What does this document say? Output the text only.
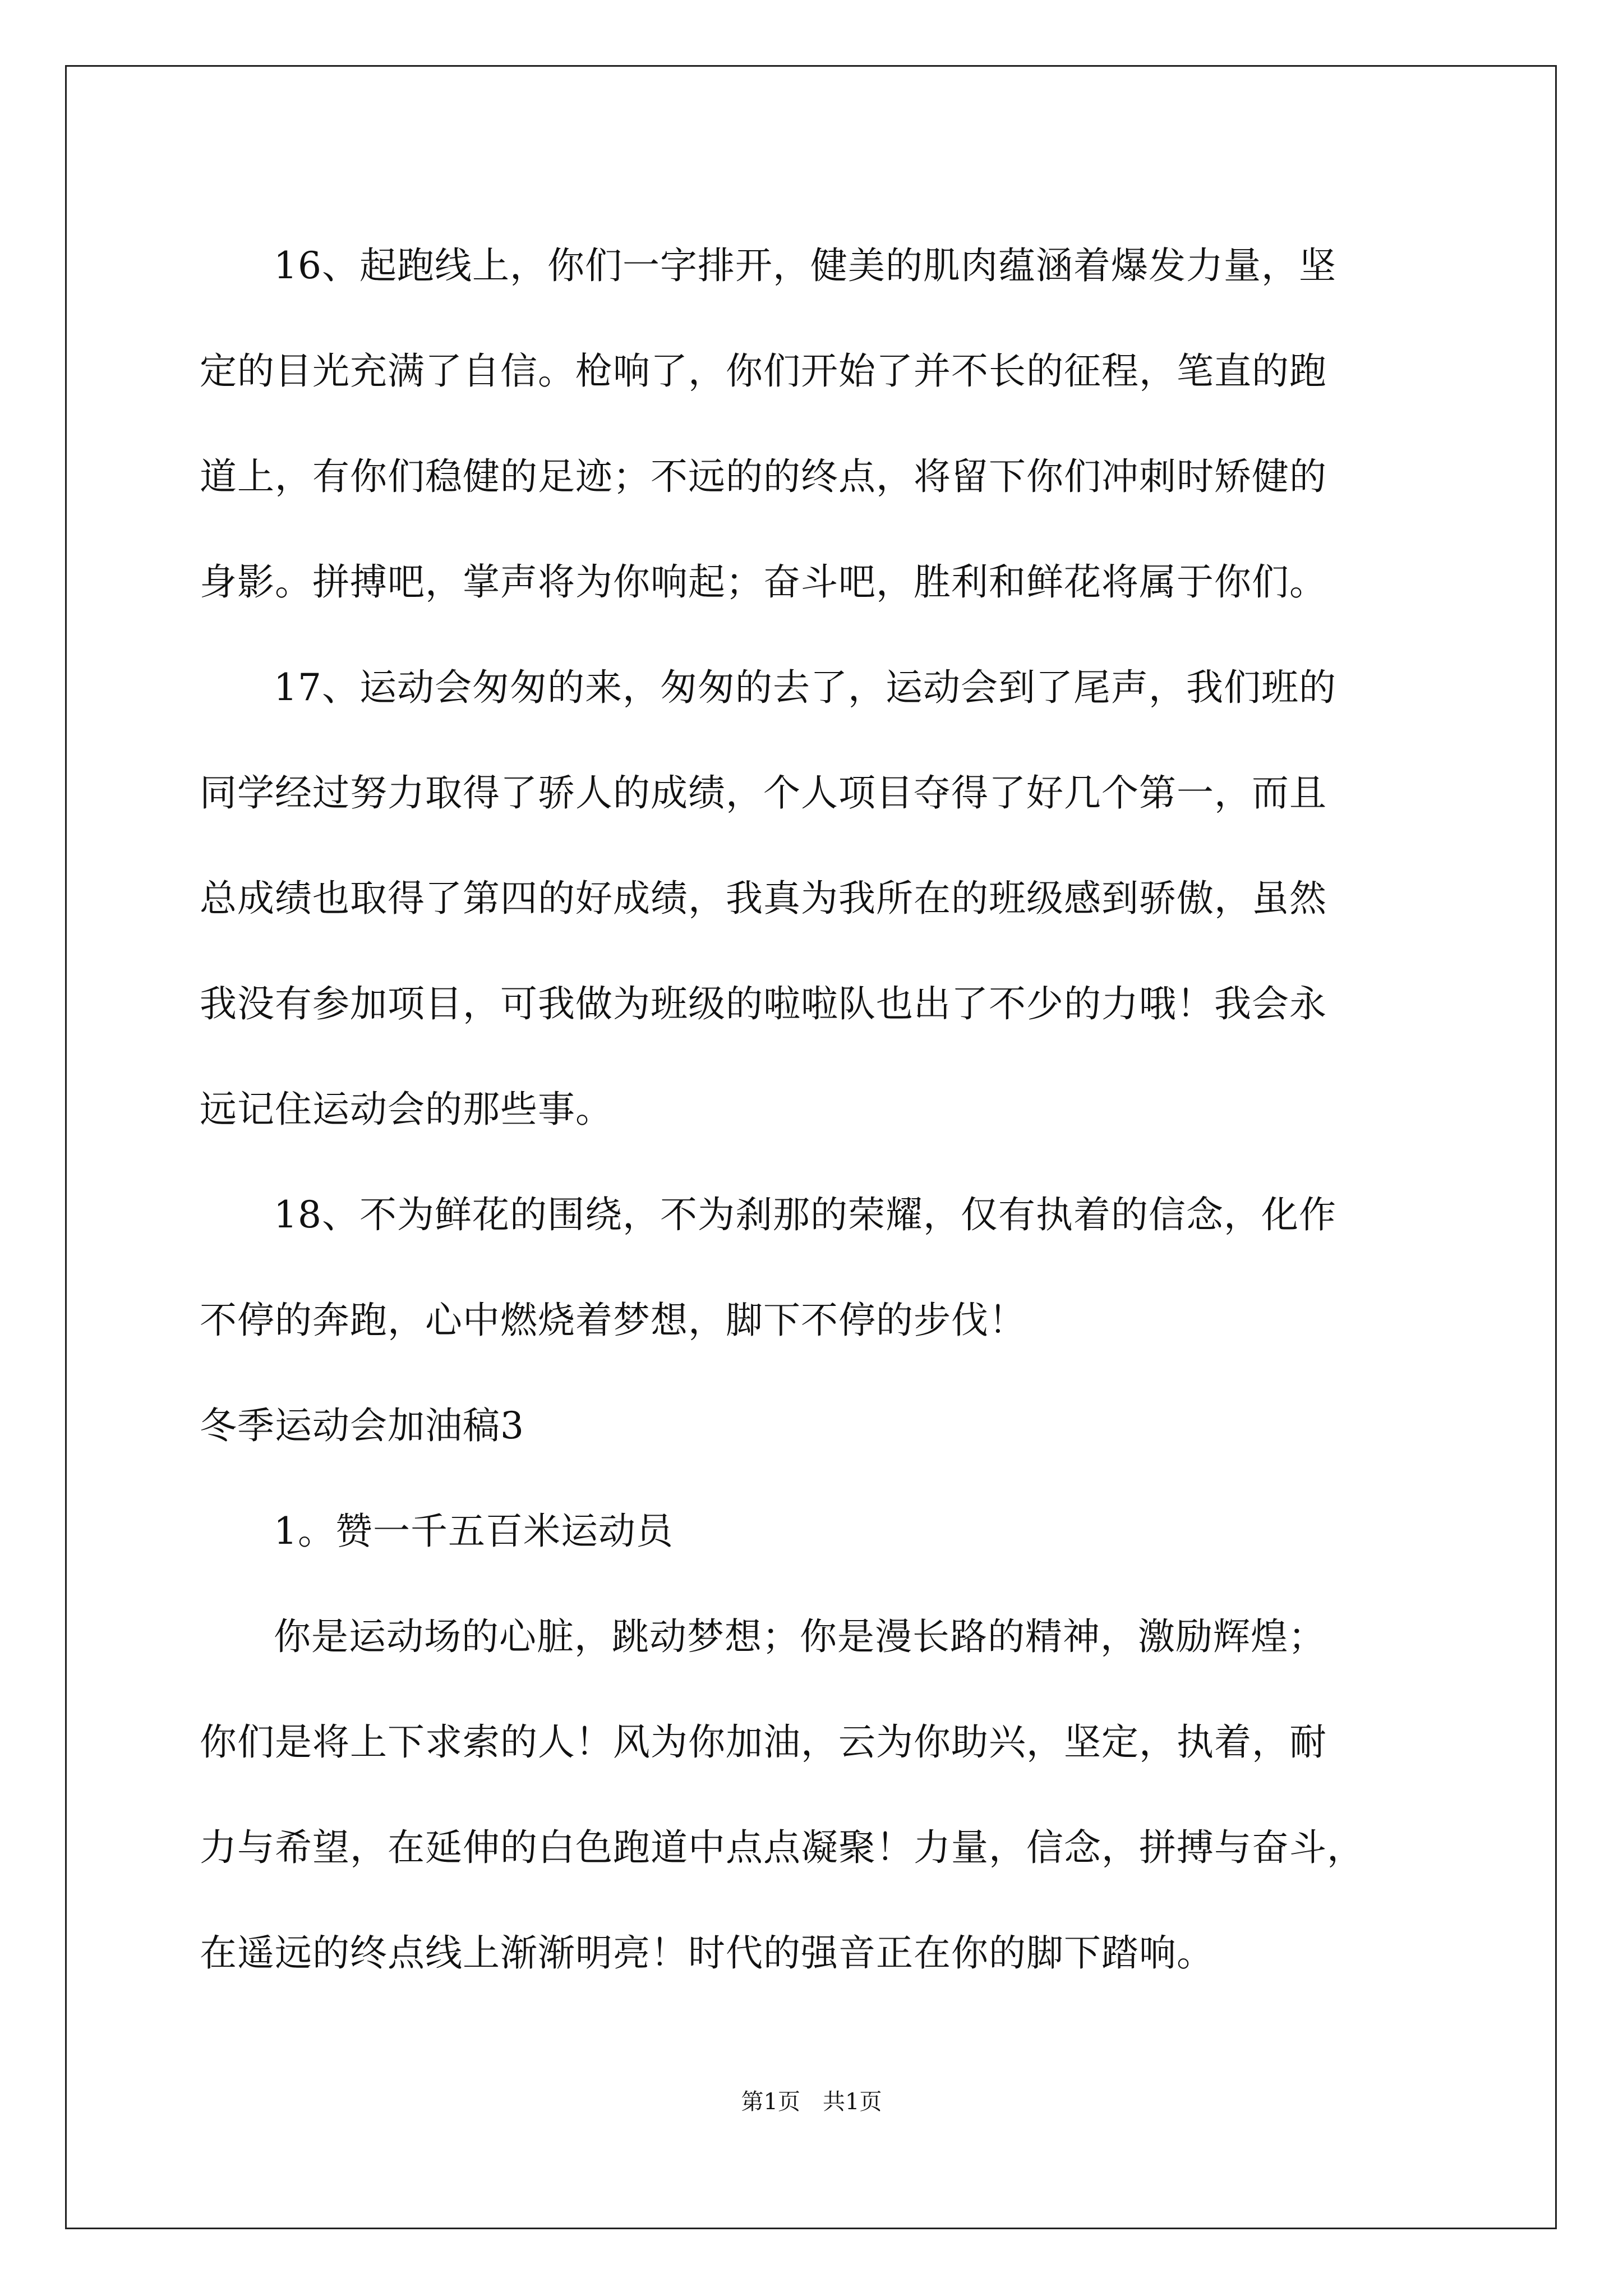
16、起跑线上，你们一字排开，健美的肌肉蕴涵着爆发力量，坚
定的目光充满了自信。枪响了，你们开始了并不长的征程，笔直的跑
道上，有你们稳健的足迹；不远的的终点，将留下你们冲刺时矫健的
身影。拼搏吧，掌声将为你响起；奋斗吧，胜利和鲜花将属于你们。
17、运动会匆匆的来，匆匆的去了，运动会到了尾声，我们班的
同学经过努力取得了骄人的成绩，个人项目夺得了好几个第一，而且
总成绩也取得了第四的好成绩，我真为我所在的班级感到骄傲，虽然
我没有参加项目，可我做为班级的啦啦队也出了不少的力哦！我会永
远记住运动会的那些事。
18、不为鲜花的围绕，不为刹那的荣耀，仅有执着的信念，化作
不停的奔跑，心中燃烧着梦想，脚下不停的步伐！
冬季运动会加油稿3
1。赞一千五百米运动员
你是运动场的心脏，跳动梦想；你是漫长路的精神，激励辉煌；
你们是将上下求索的人！风为你加油，云为你助兴，坚定，执着，耐
力与希望，在延伸的白色跑道中点点凝聚！力量，信念，拼搏与奋斗，
在遥远的终点线上渐渐明亮！时代的强音正在你的脚下踏响。
第1页 共1页
